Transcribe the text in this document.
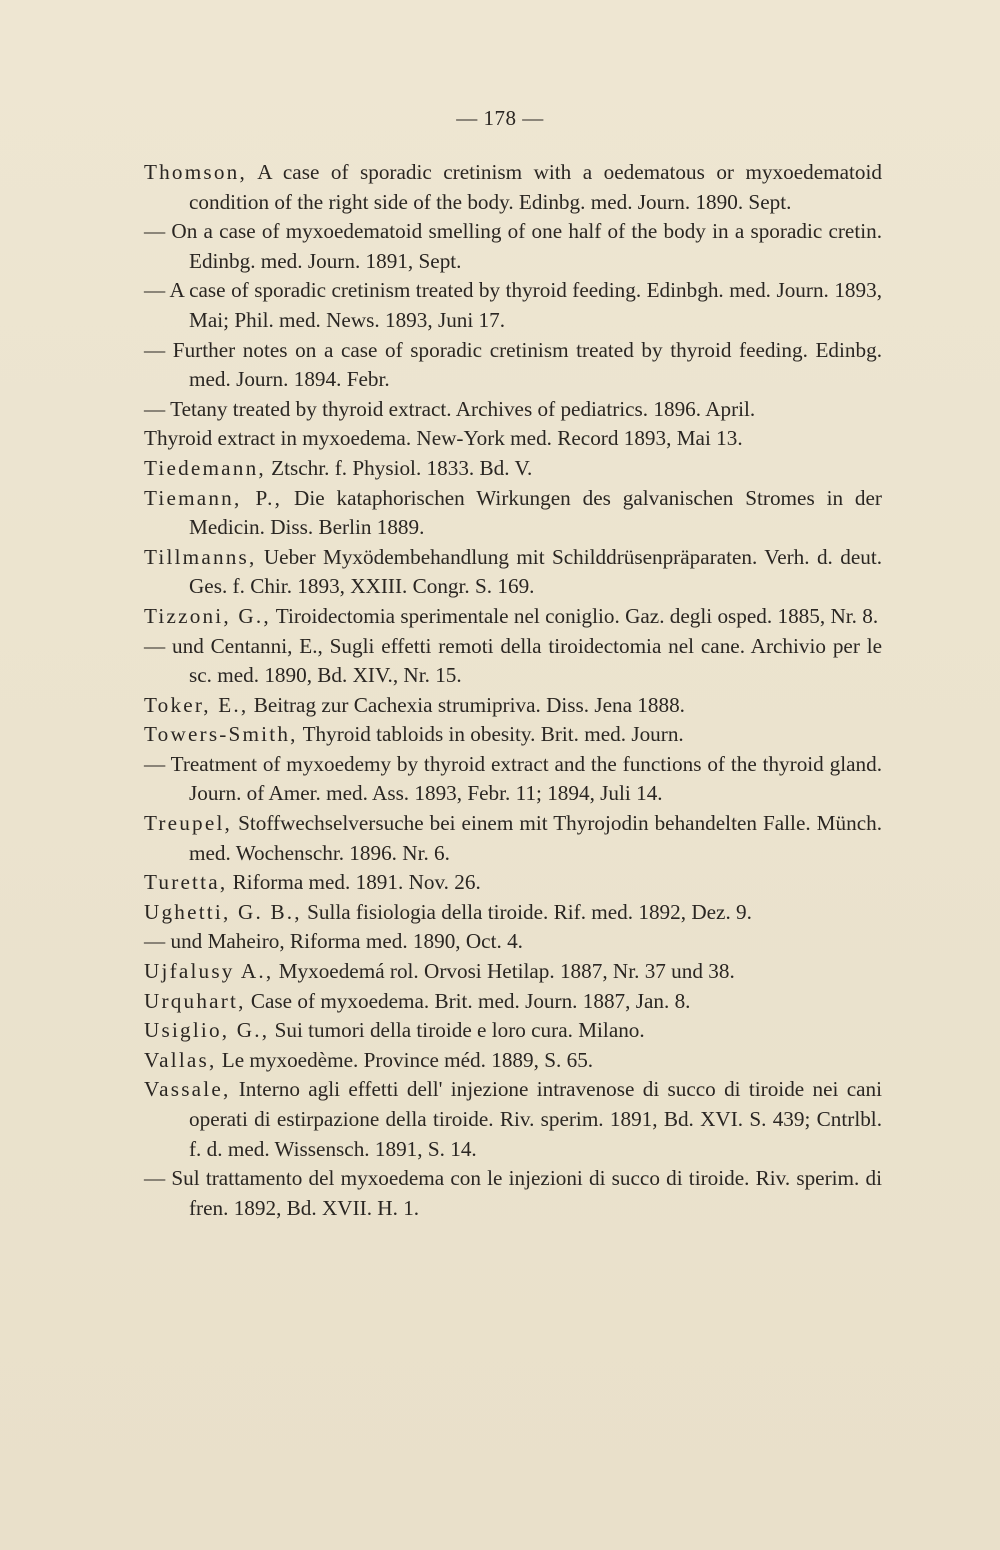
— 178 —
Thomson, A case of sporadic cretinism with a oedematous or myxoedematoid condition of the right side of the body. Edinbg. med. Journ. 1890. Sept.
— On a case of myxoedematoid smelling of one half of the body in a sporadic cretin. Edinbg. med. Journ. 1891, Sept.
— A case of sporadic cretinism treated by thyroid feeding. Edinbgh. med. Journ. 1893, Mai; Phil. med. News. 1893, Juni 17.
— Further notes on a case of sporadic cretinism treated by thyroid feeding. Edinbg. med. Journ. 1894. Febr.
— Tetany treated by thyroid extract. Archives of pediatrics. 1896. April.
Thyroid extract in myxoedema. New-York med. Record 1893, Mai 13.
Tiedemann, Ztschr. f. Physiol. 1833. Bd. V.
Tiemann, P., Die kataphorischen Wirkungen des galvanischen Stromes in der Medicin. Diss. Berlin 1889.
Tillmanns, Ueber Myxödembehandlung mit Schilddrüsenpräparaten. Verh. d. deut. Ges. f. Chir. 1893, XXIII. Congr. S. 169.
Tizzoni, G., Tiroidectomia sperimentale nel coniglio. Gaz. degli osped. 1885, Nr. 8.
— und Centanni, E., Sugli effetti remoti della tiroidectomia nel cane. Archivio per le sc. med. 1890, Bd. XIV., Nr. 15.
Toker, E., Beitrag zur Cachexia strumipriva. Diss. Jena 1888.
Towers-Smith, Thyroid tabloids in obesity. Brit. med. Journ.
— Treatment of myxoedemy by thyroid extract and the functions of the thyroid gland. Journ. of Amer. med. Ass. 1893, Febr. 11; 1894, Juli 14.
Treupel, Stoffwechselversuche bei einem mit Thyrojodin behandelten Falle. Münch. med. Wochenschr. 1896. Nr. 6.
Turetta, Riforma med. 1891. Nov. 26.
Ughetti, G. B., Sulla fisiologia della tiroide. Rif. med. 1892, Dez. 9.
— und Maheiro, Riforma med. 1890, Oct. 4.
Ujfalusy A., Myxoedemá rol. Orvosi Hetilap. 1887, Nr. 37 und 38.
Urquhart, Case of myxoedema. Brit. med. Journ. 1887, Jan. 8.
Usiglio, G., Sui tumori della tiroide e loro cura. Milano.
Vallas, Le myxoedème. Province méd. 1889, S. 65.
Vassale, Interno agli effetti dell' injezione intravenose di succo di tiroide nei cani operati di estirpazione della tiroide. Riv. sperim. 1891, Bd. XVI. S. 439; Cntrlbl. f. d. med. Wissensch. 1891, S. 14.
— Sul trattamento del myxoedema con le injezioni di succo di tiroide. Riv. sperim. di fren. 1892, Bd. XVII. H. 1.
